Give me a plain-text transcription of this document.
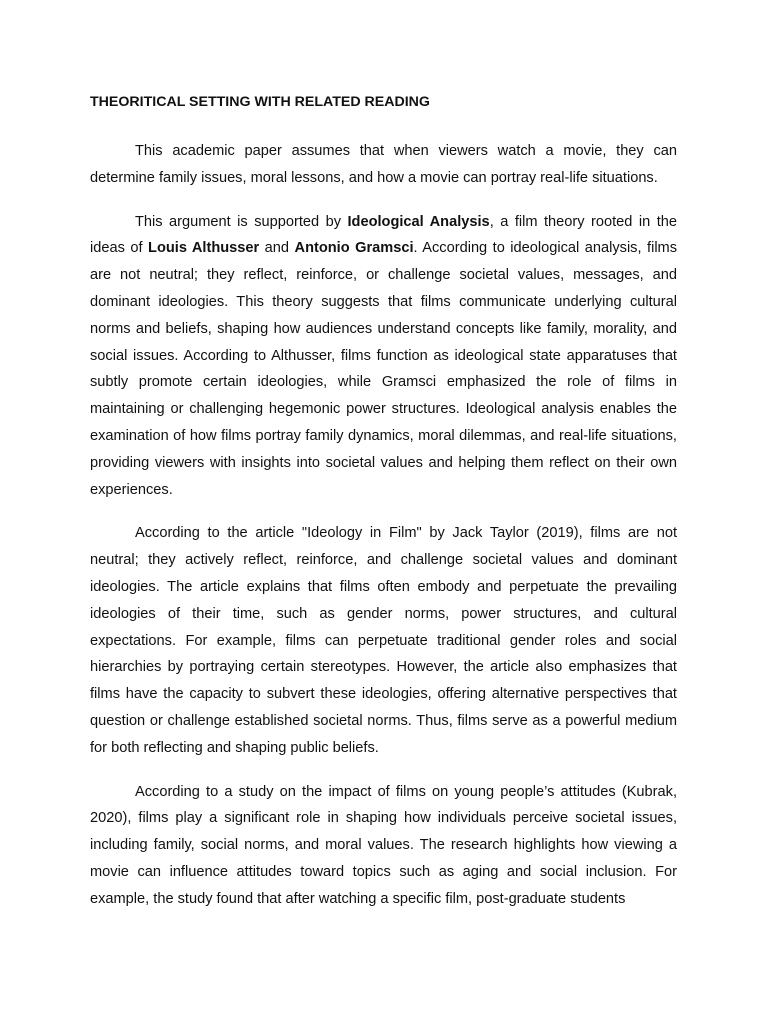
THEORITICAL SETTING WITH RELATED READING

This academic paper assumes that when viewers watch a movie, they can determine family issues, moral lessons, and how a movie can portray real-life situations.

This argument is supported by Ideological Analysis, a film theory rooted in the ideas of Louis Althusser and Antonio Gramsci. According to ideological analysis, films are not neutral; they reflect, reinforce, or challenge societal values, messages, and dominant ideologies. This theory suggests that films communicate underlying cultural norms and beliefs, shaping how audiences understand concepts like family, morality, and social issues. According to Althusser, films function as ideological state apparatuses that subtly promote certain ideologies, while Gramsci emphasized the role of films in maintaining or challenging hegemonic power structures. Ideological analysis enables the examination of how films portray family dynamics, moral dilemmas, and real-life situations, providing viewers with insights into societal values and helping them reflect on their own experiences.

According to the article "Ideology in Film" by Jack Taylor (2019), films are not neutral; they actively reflect, reinforce, and challenge societal values and dominant ideologies. The article explains that films often embody and perpetuate the prevailing ideologies of their time, such as gender norms, power structures, and cultural expectations. For example, films can perpetuate traditional gender roles and social hierarchies by portraying certain stereotypes. However, the article also emphasizes that films have the capacity to subvert these ideologies, offering alternative perspectives that question or challenge established societal norms. Thus, films serve as a powerful medium for both reflecting and shaping public beliefs.

According to a study on the impact of films on young people’s attitudes (Kubrak, 2020), films play a significant role in shaping how individuals perceive societal issues, including family, social norms, and moral values. The research highlights how viewing a movie can influence attitudes toward topics such as aging and social inclusion. For example, the study found that after watching a specific film, post-graduate students
